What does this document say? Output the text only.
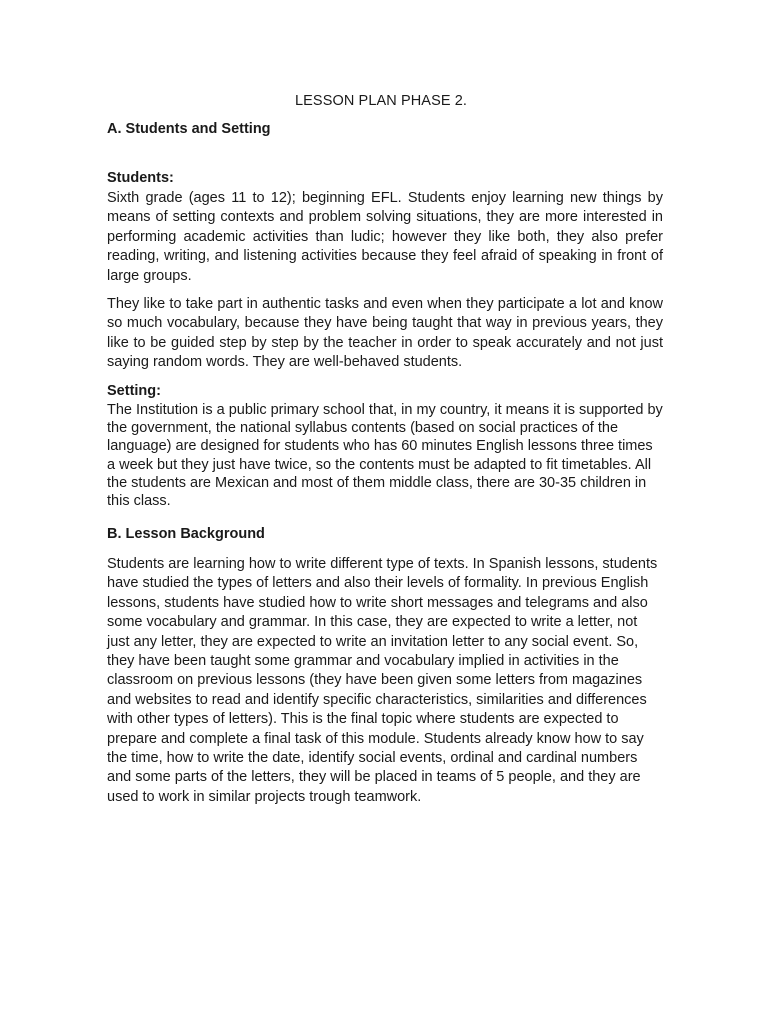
LESSON PLAN PHASE 2.
A. Students and Setting
Students:
Sixth grade (ages 11 to 12); beginning EFL. Students enjoy learning new things by means of setting contexts and problem solving situations, they are more interested in performing academic activities than ludic; however they like both, they also prefer reading, writing, and listening activities because they feel afraid of speaking in front of large groups.
They like to take part in authentic tasks and even when they participate a lot and know so much vocabulary, because they have being taught that way in previous years, they like to be guided step by step by the teacher in order to speak accurately and not just saying random words. They are well-behaved students.
Setting:
The Institution is a public primary school that, in my country, it means it is supported by the government, the national syllabus contents (based on social practices of the language) are designed for students who has 60 minutes English lessons three times a week but they just have twice, so the contents must be adapted to fit timetables. All the students are Mexican and most of them middle class, there are 30-35 children in this class.
B. Lesson Background
Students are learning how to write different type of texts. In Spanish lessons, students have studied the types of letters and also their levels of formality. In previous English lessons, students have studied how to write short messages and telegrams and also some vocabulary and grammar. In this case, they are expected to write a letter, not just any letter, they are expected to write an invitation letter to any social event. So, they have been taught some grammar and vocabulary implied in activities in the classroom on previous lessons (they have been given some letters from magazines and websites to read and identify specific characteristics, similarities and differences with other types of letters). This is the final topic where students are expected to prepare and complete a final task of this module. Students already know how to say the time, how to write the date, identify social events, ordinal and cardinal numbers and some parts of the letters, they will be placed in teams of 5 people, and they are used to work in similar projects trough teamwork.
